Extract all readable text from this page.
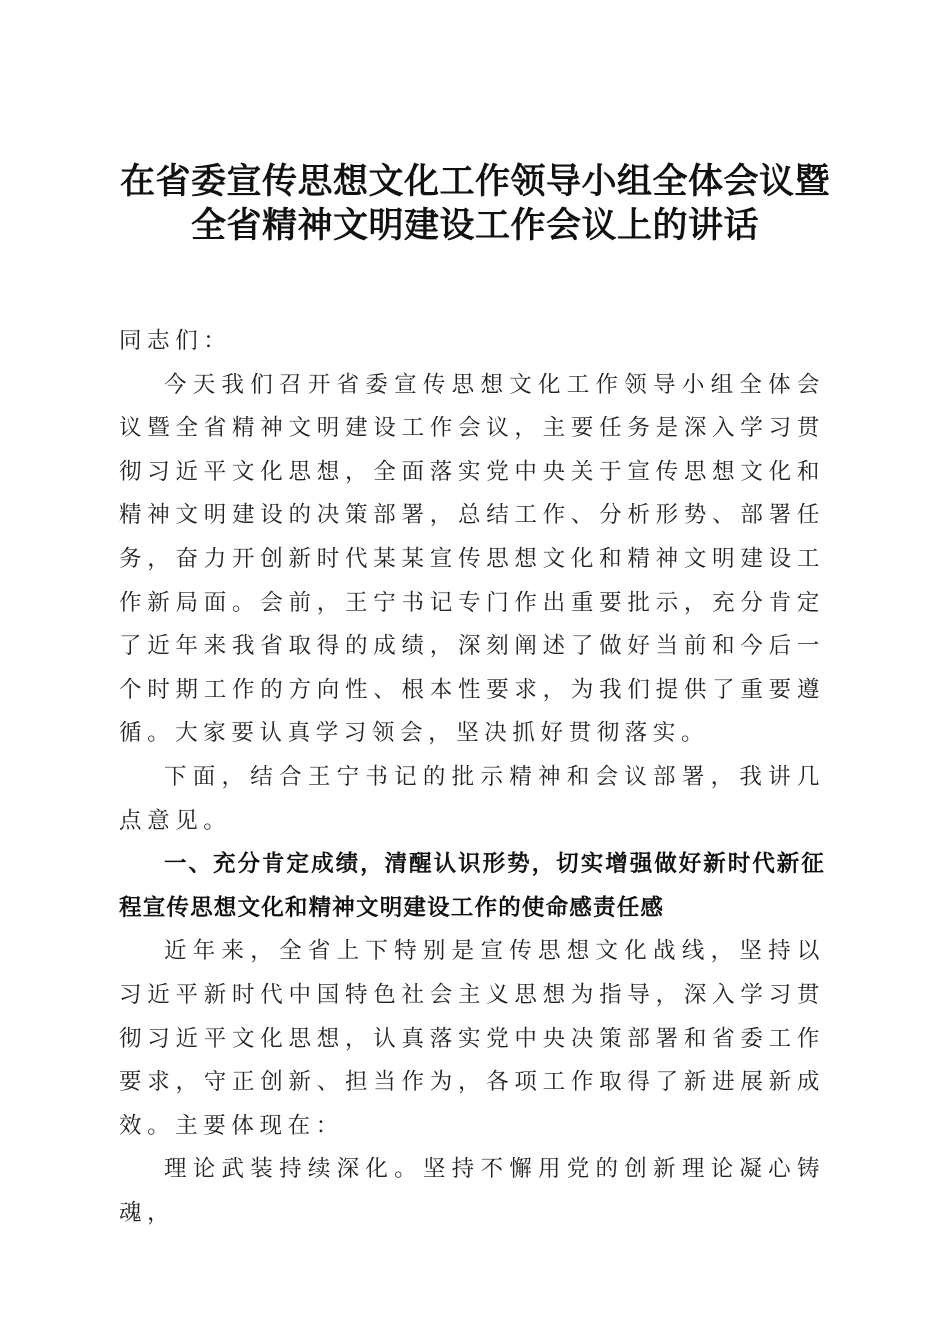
在省委宣传思想文化工作领导小组全体会议暨
全省精神文明建设工作会议上的讲话

同志们：

今天我们召开省委宣传思想文化工作领导小组全体会议暨全省精神文明建设工作会议，主要任务是深入学习贯彻习近平文化思想，全面落实党中央关于宣传思想文化和精神文明建设的决策部署，总结工作、分析形势、部署任务，奋力开创新时代某某宣传思想文化和精神文明建设工作新局面。会前，王宁书记专门作出重要批示，充分肯定了近年来我省取得的成绩，深刻阐述了做好当前和今后一个时期工作的方向性、根本性要求，为我们提供了重要遵循。大家要认真学习领会，坚决抓好贯彻落实。

下面，结合王宁书记的批示精神和会议部署，我讲几点意见。

一、充分肯定成绩，清醒认识形势，切实增强做好新时代新征程宣传思想文化和精神文明建设工作的使命感责任感

近年来，全省上下特别是宣传思想文化战线，坚持以习近平新时代中国特色社会主义思想为指导，深入学习贯彻习近平文化思想，认真落实党中央决策部署和省委工作要求，守正创新、担当作为，各项工作取得了新进展新成效。主要体现在：

理论武装持续深化。坚持不懈用党的创新理论凝心铸魂，
